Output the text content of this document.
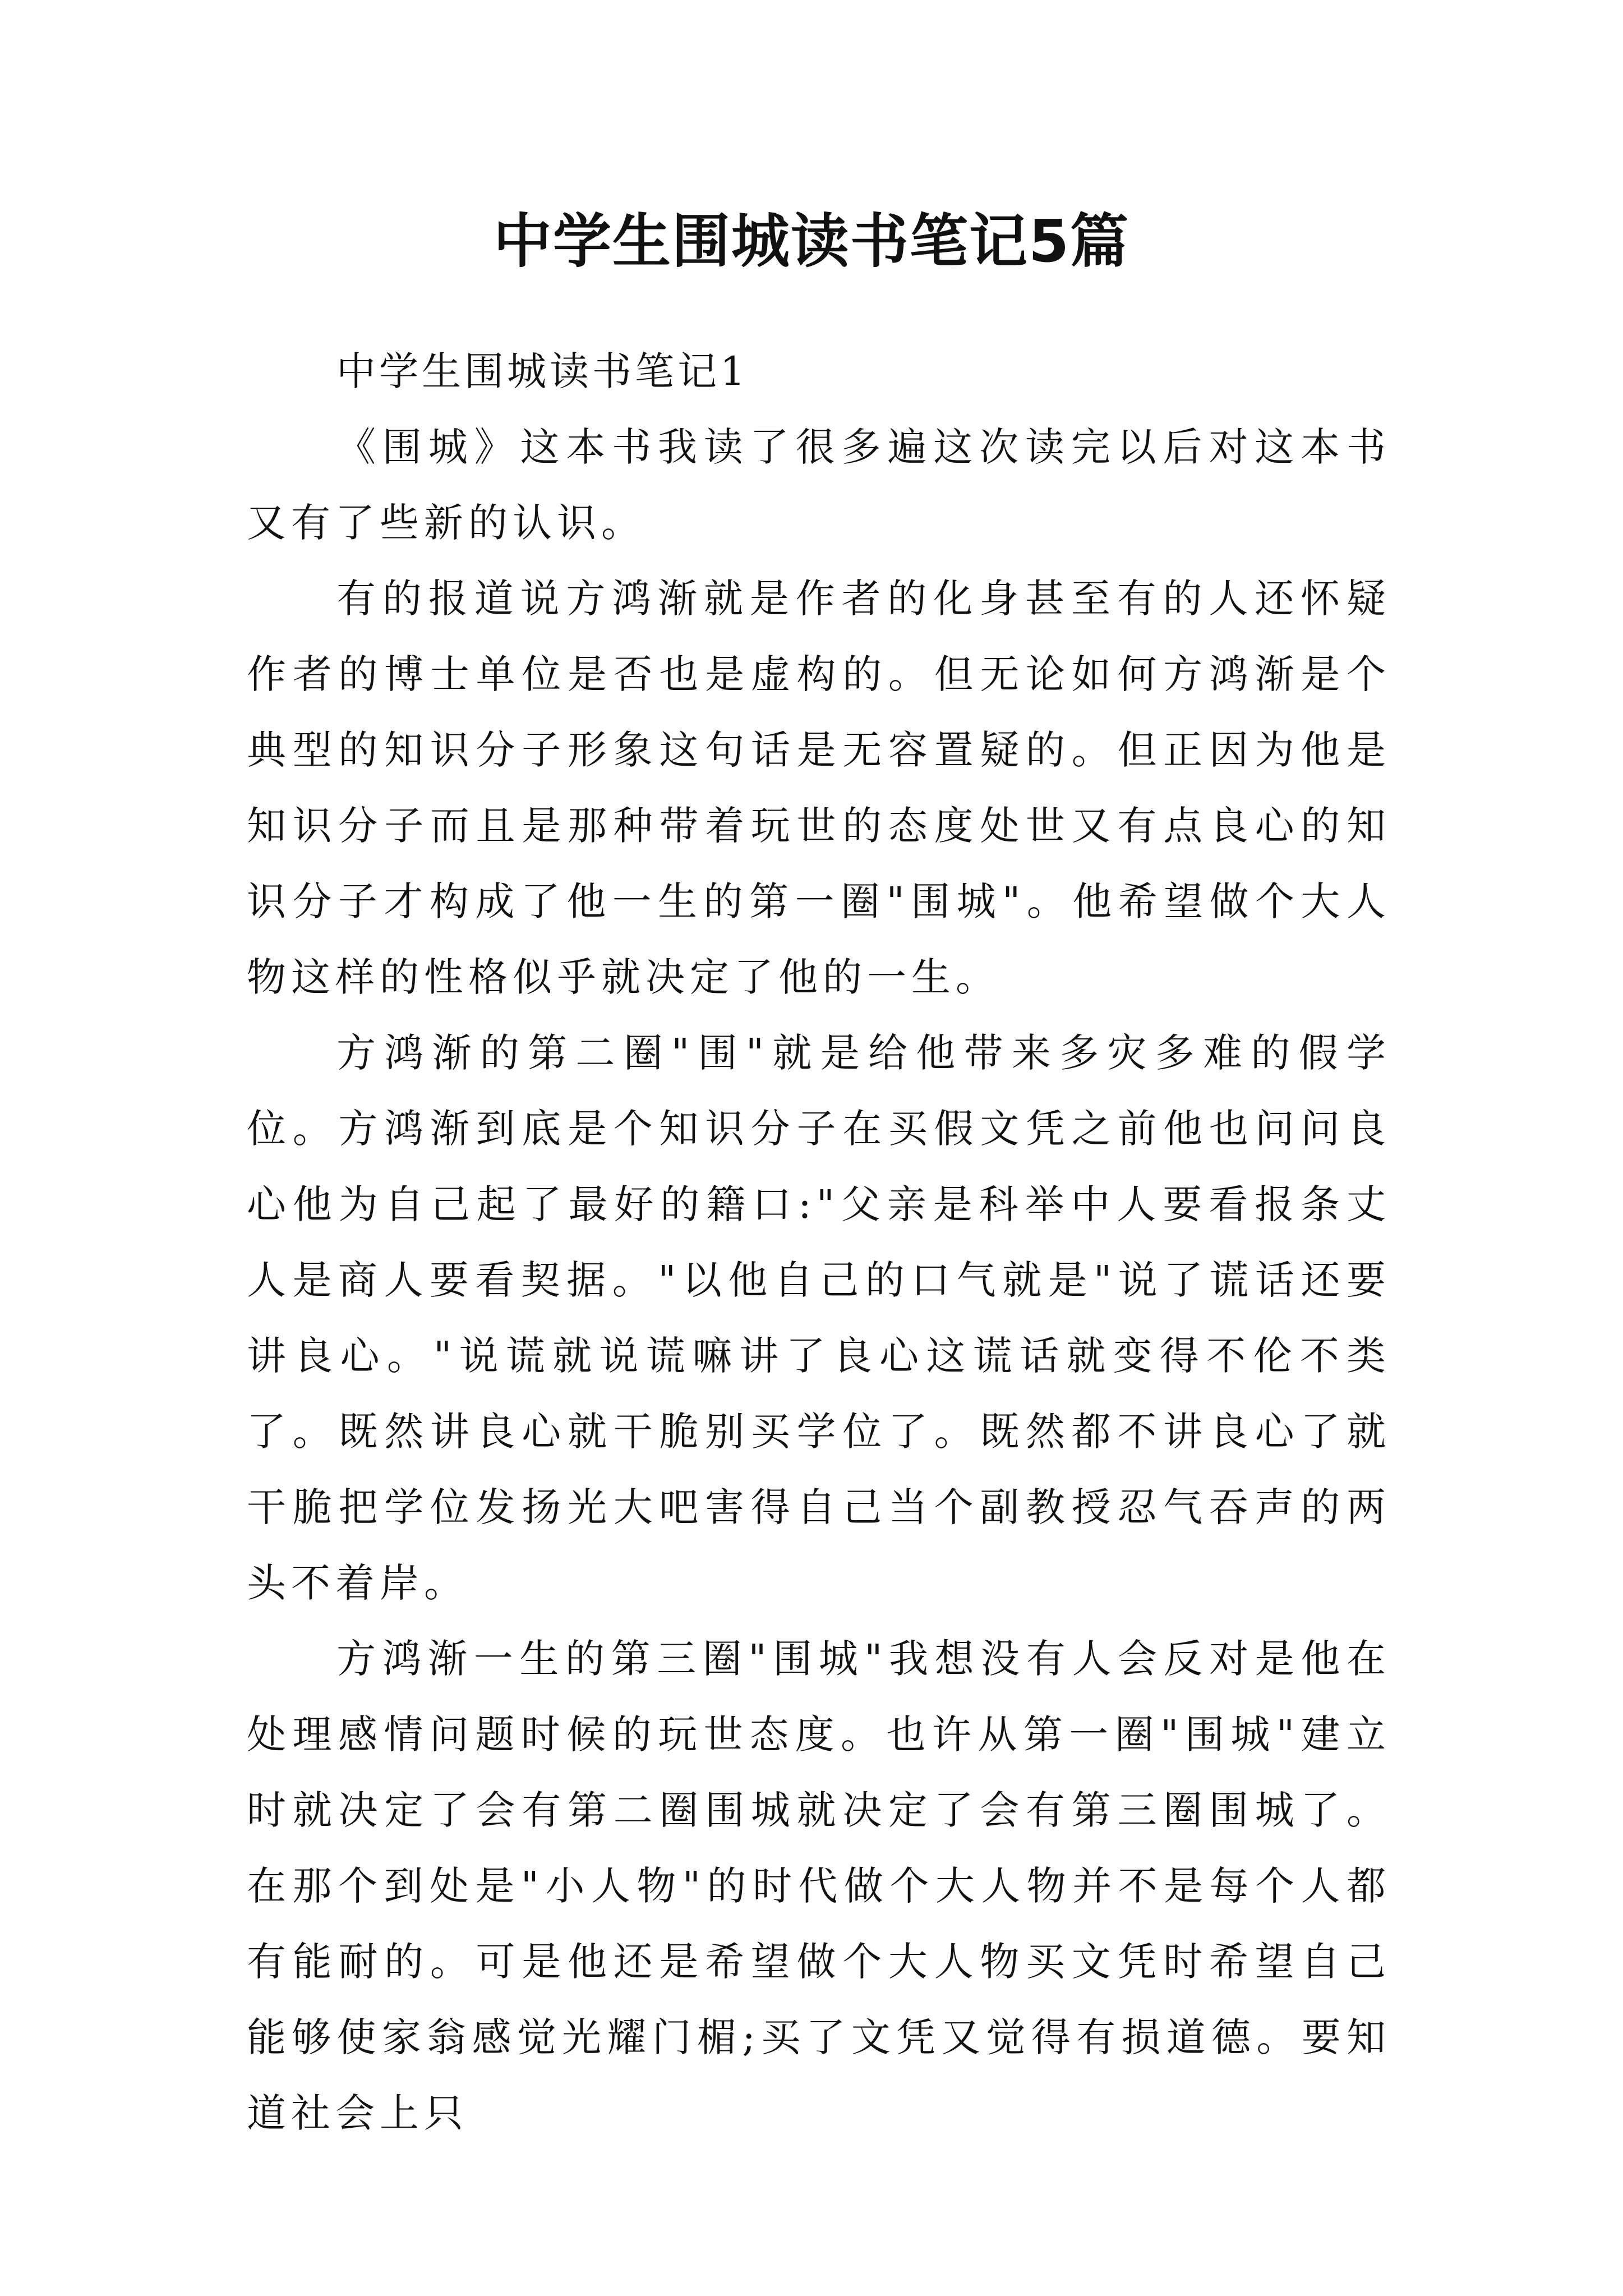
中学生围城读书笔记5篇

中学生围城读书笔记1

《围城》这本书我读了很多遍这次读完以后对这本书又有了些新的认识。

有的报道说方鸿渐就是作者的化身甚至有的人还怀疑作者的博士单位是否也是虚构的。但无论如何方鸿渐是个典型的知识分子形象这句话是无容置疑的。但正因为他是知识分子而且是那种带着玩世的态度处世又有点良心的知识分子才构成了他一生的第一圈"围城"。他希望做个大人物这样的性格似乎就决定了他的一生。

方鸿渐的第二圈"围"就是给他带来多灾多难的假学位。方鸿渐到底是个知识分子在买假文凭之前他也问问良心他为自己起了最好的籍口:"父亲是科举中人要看报条丈人是商人要看契据。"以他自己的口气就是"说了谎话还要讲良心。"说谎就说谎嘛讲了良心这谎话就变得不伦不类了。既然讲良心就干脆别买学位了。既然都不讲良心了就干脆把学位发扬光大吧害得自己当个副教授忍气吞声的两头不着岸。

方鸿渐一生的第三圈"围城"我想没有人会反对是他在处理感情问题时候的玩世态度。也许从第一圈"围城"建立时就决定了会有第二圈围城就决定了会有第三圈围城了。在那个到处是"小人物"的时代做个大人物并不是每个人都有能耐的。可是他还是希望做个大人物买文凭时希望自己能够使家翁感觉光耀门楣;买了文凭又觉得有损道德。要知道社会上只
